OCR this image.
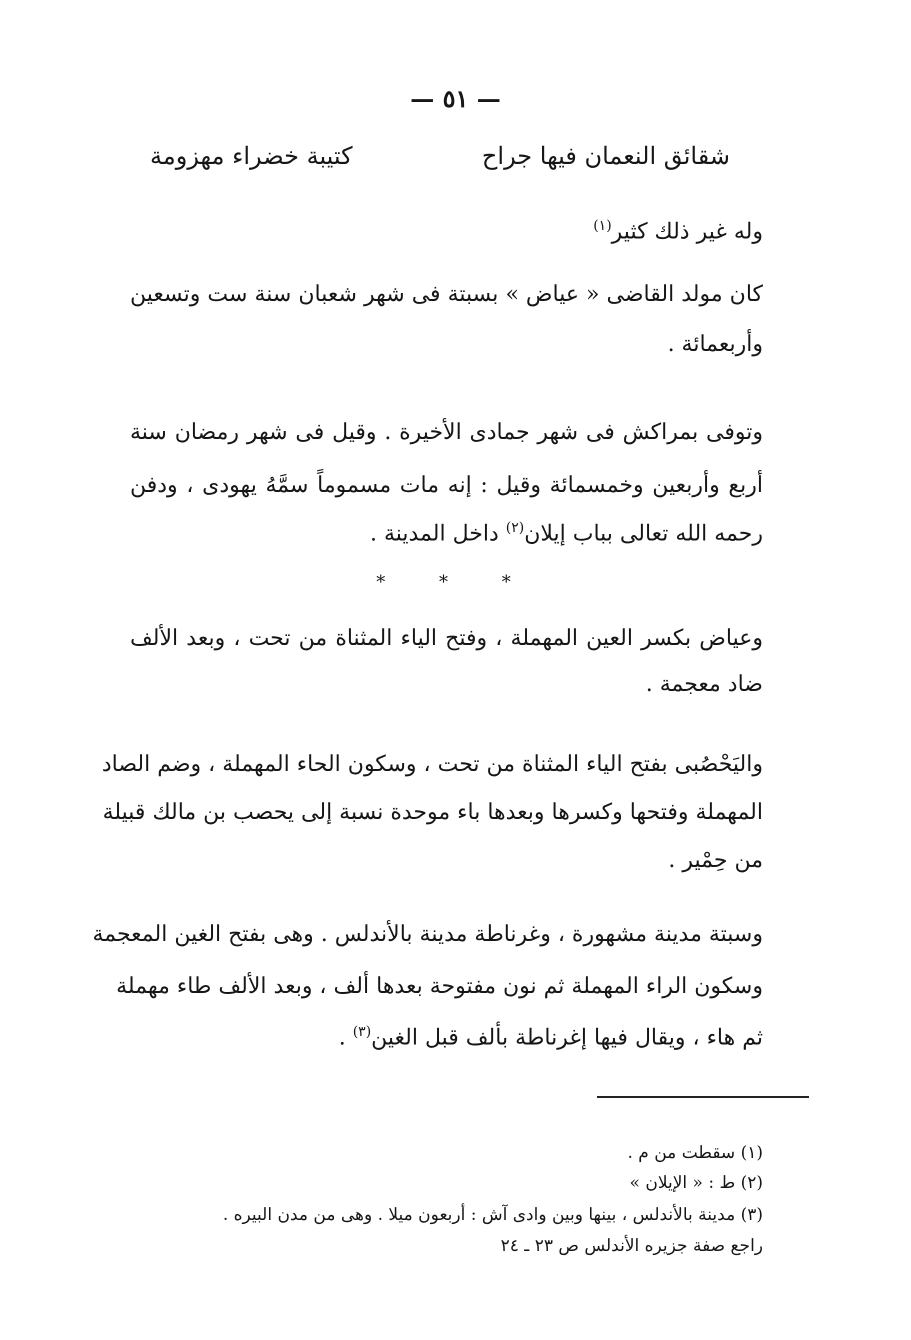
— ٥١ —
كتيبة خضراء مهزومة	شقائق النعمان فيها جراح
وله غير ذلك كثير$^{(١)}$
كان مولد القاضى « عياض » بسبتة فى شهر شعبان سنة ست وتسعين
وأربعمائة .
وتوفى بمراكش فى شهر جمادى الأخيرة . وقيل فى شهر رمضان سنة
أربع وأربعين وخمسمائة وقيل : إنه مات مسموماً سمَّهُ يهودى ، ودفن
رحمه الله تعالى بباب إيلان$^{(٢)}$ داخل المدينة .
* * *
وعياض بكسر العين المهملة ، وفتح الياء المثناة من تحت ، وبعد الألف
ضاد معجمة .
واليَحْصُبى بفتح الياء المثناة من تحت ، وسكون الحاء المهملة ، وضم الصاد
المهملة وفتحها وكسرها وبعدها باء موحدة نسبة إلى يحصب بن مالك قبيلة
من حِمْير .
وسبتة مدينة مشهورة ، وغرناطة مدينة بالأندلس . وهى بفتح الغين المعجمة
وسكون الراء المهملة ثم نون مفتوحة بعدها ألف ، وبعد الألف طاء مهملة
ثم هاء ، ويقال فيها إغرناطة بألف قبل الغين$^{(٣)}$ .
(١) سقطت من م .
(٢) ط : « الإيلان »
(٣) مدينة بالأندلس ، بينها وبين وادى آش : أربعون ميلا . وهى من مدن البيره .
راجع صفة جزيره الأندلس ص ٢٣ ـ ٢٤
